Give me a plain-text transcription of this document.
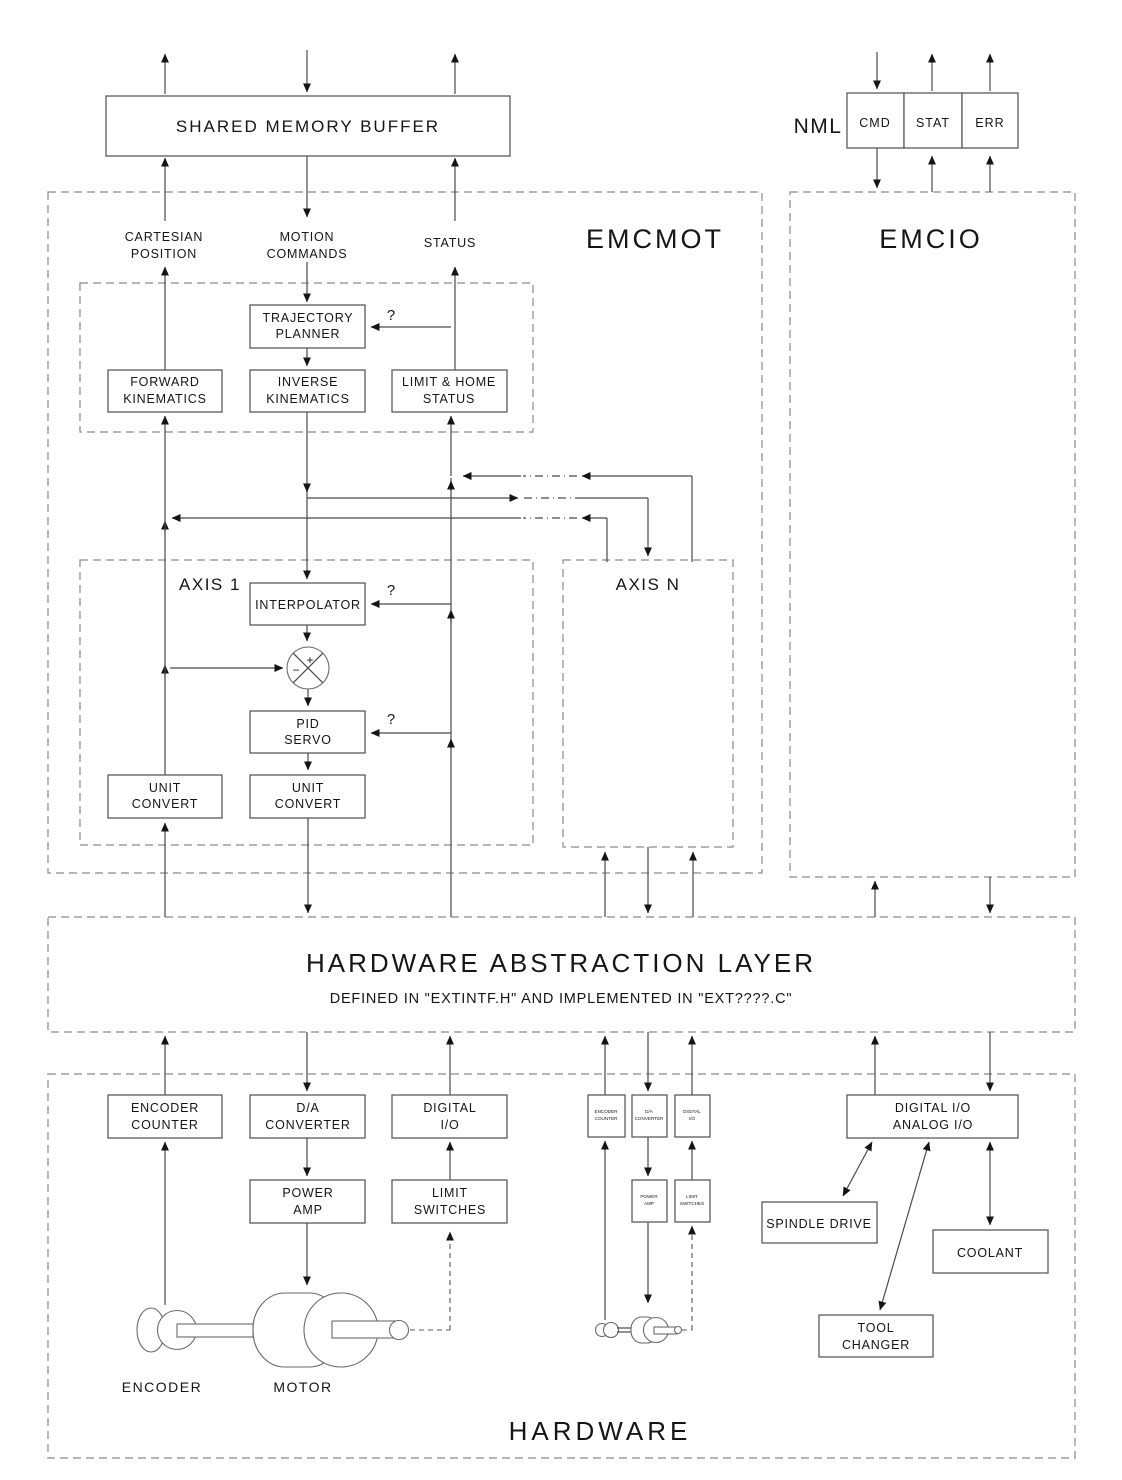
SHARED MEMORY BUFFER	NML CMD STAT ERR
EMCMOT	EMCIO
CARTESIAN
POSITION
MOTION
COMMANDS
STATUS
TRAJECTORY
PLANNER
?
FORWARD
KINEMATICS
INVERSE
KINEMATICS
LIMIT & HOME
STATUS
AXIS 1
INTERPOLATOR
?
+
−
PID
SERVO
?
UNIT
CONVERT
UNIT
CONVERT
AXIS N
HARDWARE ABSTRACTION LAYER
DEFINED IN "EXTINTF.H" AND IMPLEMENTED IN "EXT????.C"
ENCODER
COUNTER
D/A
CONVERTER
DIGITAL
I/O
POWER
AMP
LIMIT
SWITCHES
ENCODER	MOTOR
ENCODER
COUNTER
D/A
CONVERTER
DIGITAL
I/O
POWER
AMP
LIMIT
SWITCHES
DIGITAL I/O
ANALOG I/O
SPINDLE DRIVE
COOLANT
TOOL
CHANGER
HARDWARE
